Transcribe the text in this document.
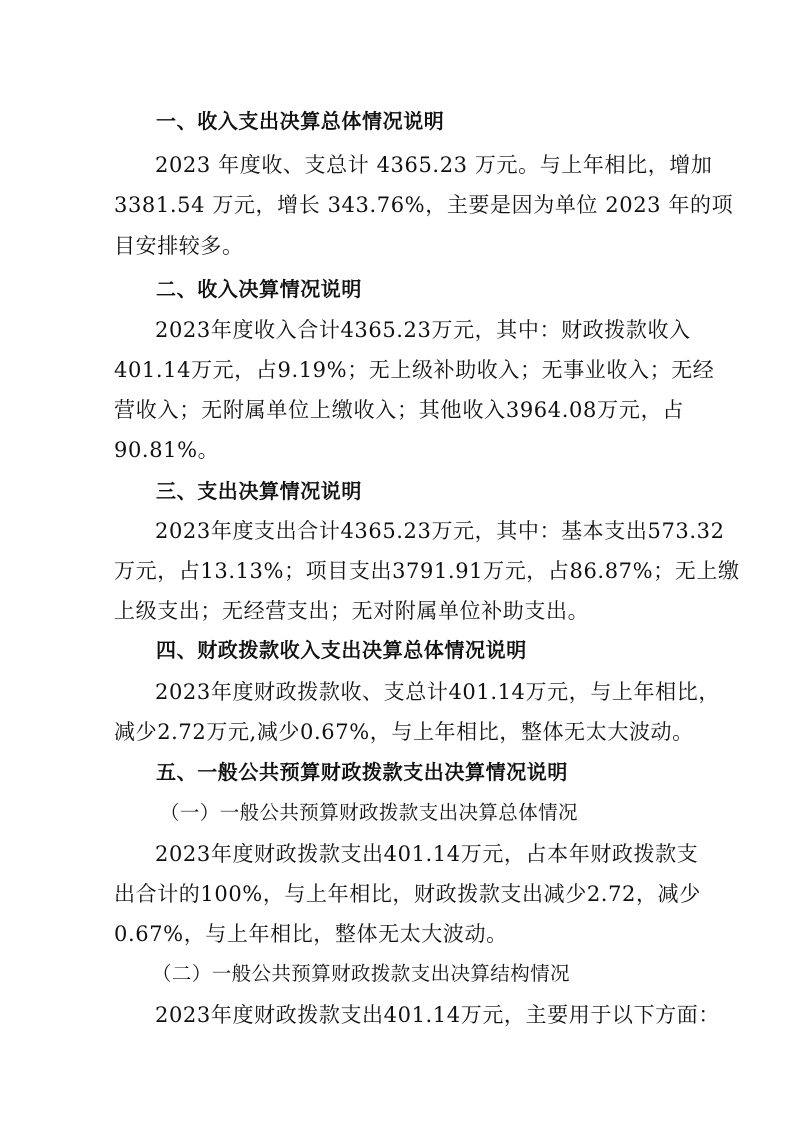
一、收入支出决算总体情况说明
2023 年度收、支总计 4365.23 万元。与上年相比，增加
3381.54 万元，增长 343.76%，主要是因为单位 2023 年的项
目安排较多。
二、收入决算情况说明
2023年度收入合计4365.23万元，其中：财政拨款收入
401.14万元，占9.19%；无上级补助收入；无事业收入；无经
营收入；无附属单位上缴收入；其他收入3964.08万元，占
90.81%。
三、支出决算情况说明
2023年度支出合计4365.23万元，其中：基本支出573.32
万元，占13.13%；项目支出3791.91万元，占86.87%；无上缴
上级支出；无经营支出；无对附属单位补助支出。
四、财政拨款收入支出决算总体情况说明
2023年度财政拨款收、支总计401.14万元，与上年相比，
减少2.72万元,减少0.67%，与上年相比，整体无太大波动。
五、一般公共预算财政拨款支出决算情况说明
（一）一般公共预算财政拨款支出决算总体情况
2023年度财政拨款支出401.14万元，占本年财政拨款支
出合计的100%，与上年相比，财政拨款支出减少2.72，减少
0.67%，与上年相比，整体无太大波动。
（二）一般公共预算财政拨款支出决算结构情况
2023年度财政拨款支出401.14万元，主要用于以下方面：
